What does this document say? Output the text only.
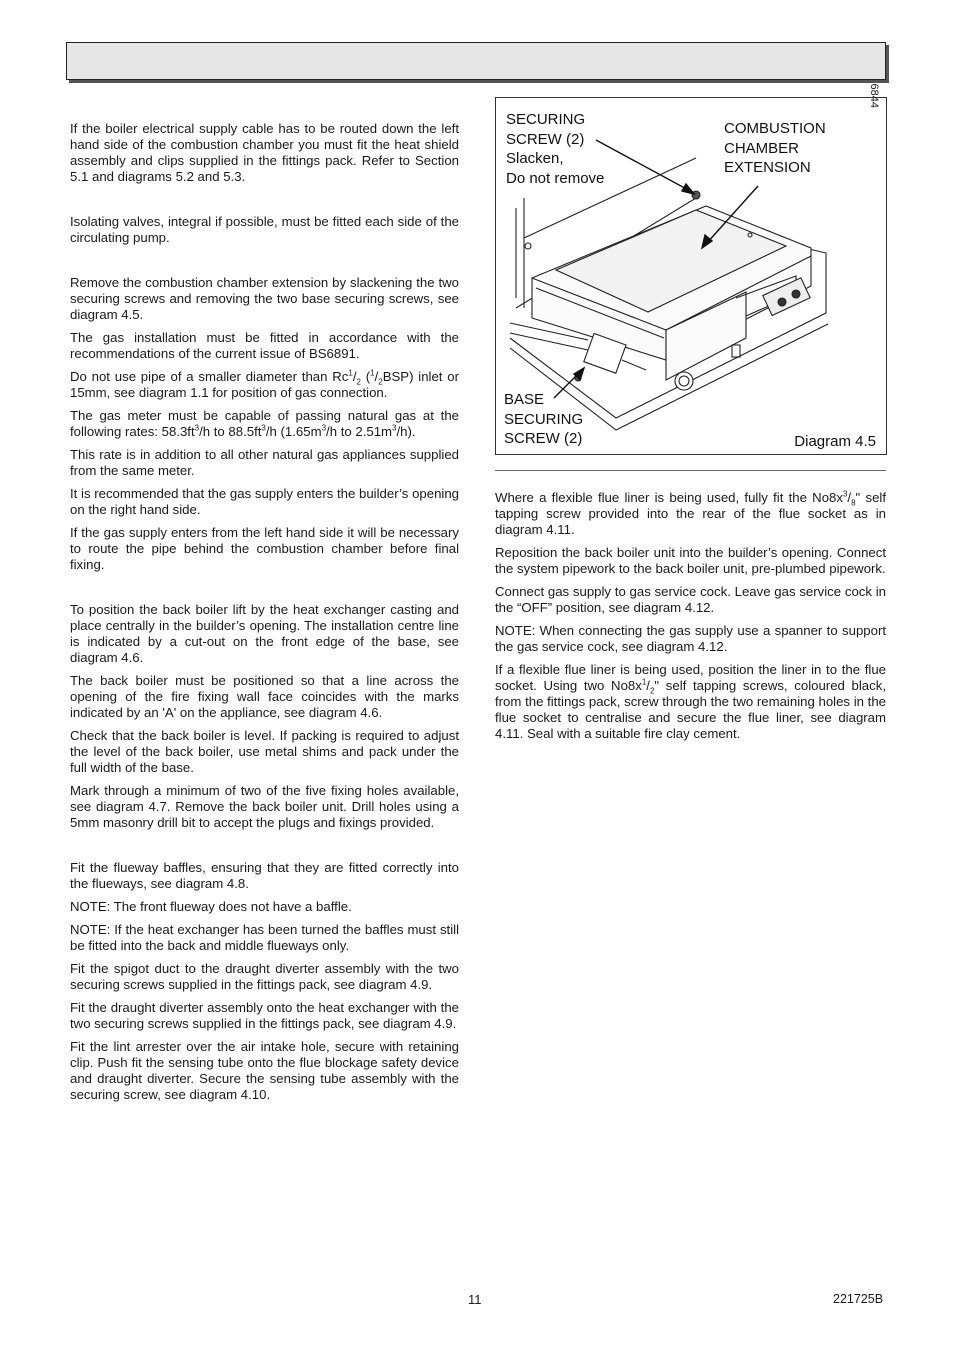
If the boiler electrical supply cable has to be routed down the left hand side of the combustion chamber you must fit the heat shield assembly and clips supplied in the fittings pack. Refer to Section 5.1 and diagrams 5.2 and 5.3.

Isolating valves, integral if possible, must be fitted each side of the circulating pump.

Remove the combustion chamber extension by slackening the two securing screws and removing the two base securing screws, see diagram 4.5.

The gas installation must be fitted in accordance with the recommendations of the current issue of BS6891.

Do not use pipe of a smaller diameter than $Rc^1/_2$ $(^1/_2BSP)$ inlet or 15mm, see diagram 1.1 for position of gas connection.

The gas meter must be capable of passing natural gas at the following rates: $58.3ft^3/h$ to $88.5ft^3/h$ ($1.65m^3/h$ to $2.51m^3/h$).

This rate is in addition to all other natural gas appliances supplied from the same meter.

It is recommended that the gas supply enters the builder’s opening on the right hand side.

If the gas supply enters from the left hand side it will be necessary to route the pipe behind the combustion chamber before final fixing.

To position the back boiler lift by the heat exchanger casting and place centrally in the builder’s opening. The installation centre line is indicated by a cut-out on the front edge of the base, see diagram 4.6.

The back boiler must be positioned so that a line across the opening of the fire fixing wall face coincides with the marks indicated by an 'A' on the appliance, see diagram 4.6.

Check that the back boiler is level. If packing is required to adjust the level of the back boiler, use metal shims and pack under the full width of the base.

Mark through a minimum of two of the five fixing holes available, see diagram 4.7. Remove the back boiler unit. Drill holes using a 5mm masonry drill bit to accept the plugs and fixings provided.

Fit the flueway baffles, ensuring that they are fitted correctly into the flueways, see diagram 4.8.

NOTE: The front flueway does not have a baffle.

NOTE: If the heat exchanger has been turned the baffles must still be fitted into the back and middle flueways only.

Fit the spigot duct to the draught diverter assembly with the two securing screws supplied in the fittings pack, see diagram 4.9.

Fit the draught diverter assembly onto the heat exchanger with the two securing screws supplied in the fittings pack, see diagram 4.9.

Fit the lint arrester over the air intake hole, secure with retaining clip. Push fit the sensing tube onto the flue blockage safety device and draught diverter. Secure the sensing tube assembly with the securing screw, see diagram 4.10.

SECURING
SCREW (2)
Slacken,
Do not remove
COMBUSTION
CHAMBER
EXTENSION
BASE
SECURING
SCREW (2)	Diagram 4.5
6844

Where a flexible flue liner is being used, fully fit the $No8x^3/_8$" self tapping screw provided into the rear of the flue socket as in diagram 4.11.

Reposition the back boiler unit into the builder’s opening. Connect the system pipework to the back boiler unit, pre-plumbed pipework.

Connect gas supply to gas service cock. Leave gas service cock in the “OFF” position, see diagram 4.12.

NOTE: When connecting the gas supply use a spanner to support the gas service cock, see diagram 4.12.

If a flexible flue liner is being used, position the liner in to the flue socket. Using two $No8x^1/_2$" self tapping screws, coloured black, from the fittings pack, screw through the two remaining holes in the flue socket to centralise and secure the flue liner, see diagram 4.11. Seal with a suitable fire clay cement.

11	221725B
